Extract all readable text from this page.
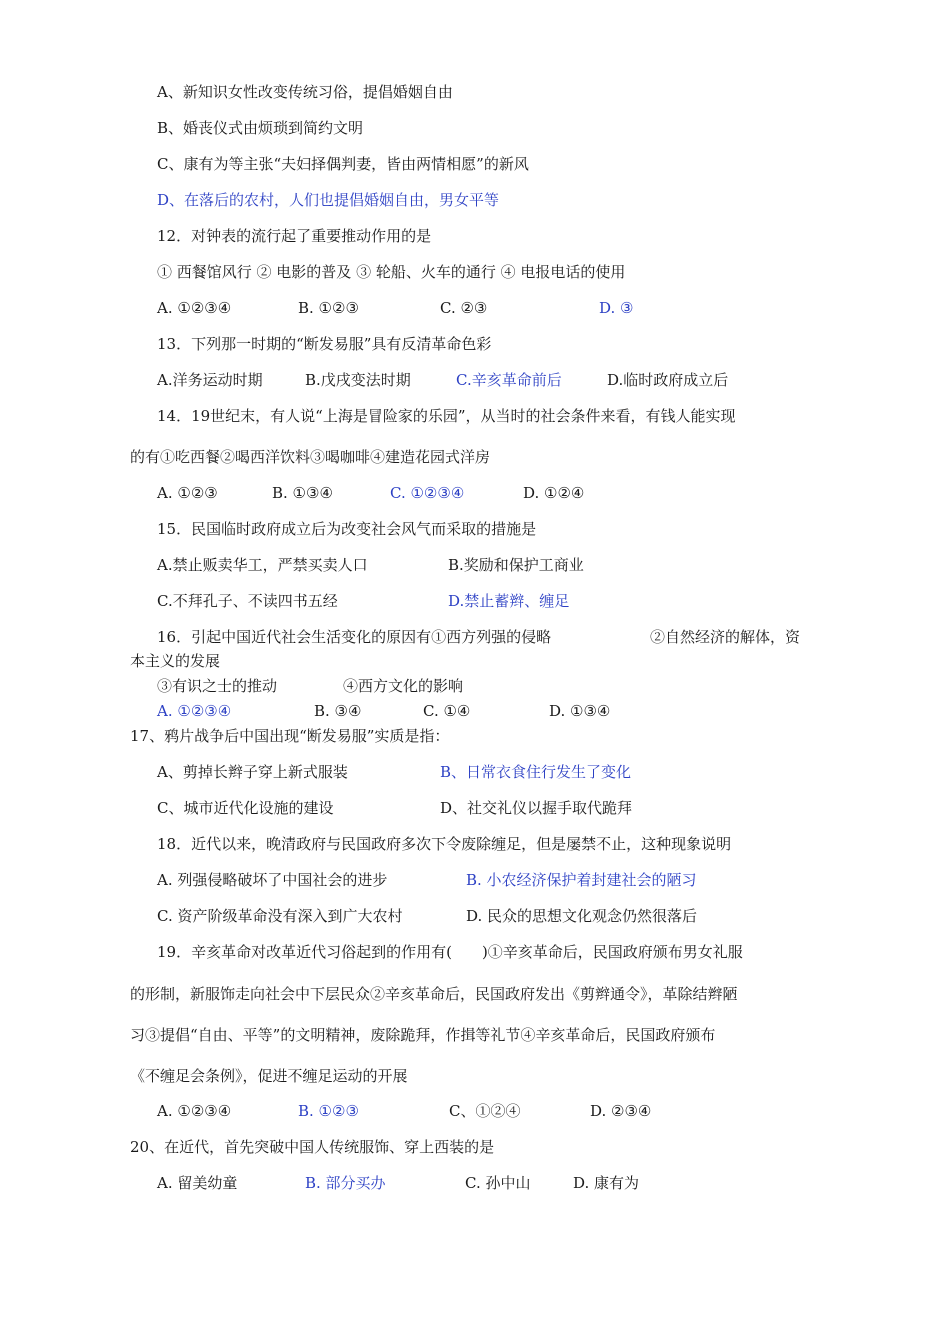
A、新知识女性改变传统习俗，提倡婚姻自由
B、婚丧仪式由烦琐到简约文明
C、康有为等主张“夫妇择偶判妻，皆由两情相愿”的新风
D、在落后的农村，人们也提倡婚姻自由，男女平等
12．对钟表的流行起了重要推动作用的是
① 西餐馆风行 ② 电影的普及 ③ 轮船、火车的通行 ④ 电报电话的使用
A. ①②③④	B. ①②③	C. ②③	D. ③
13．下列那一时期的“断发易服”具有反清革命色彩
A.洋务运动时期	B.戊戌变法时期	C.辛亥革命前后	D.临时政府成立后
14．19世纪末，有人说“上海是冒险家的乐园”，从当时的社会条件来看，有钱人能实现
的有①吃西餐②喝西洋饮料③喝咖啡④建造花园式洋房
A. ①②③	B. ①③④	C. ①②③④	D. ①②④
15．民国临时政府成立后为改变社会风气而采取的措施是
A.禁止贩卖华工，严禁买卖人口	B.奖励和保护工商业
C.不拜孔子、不读四书五经	D.禁止蓄辫、缠足
16．引起中国近代社会生活变化的原因有①西方列强的侵略	②自然经济的解体，资
本主义的发展
③有识之士的推动	④西方文化的影响
A. ①②③④	B. ③④	C. ①④	D. ①③④
17、鸦片战争后中国出现“断发易服”实质是指：
A、剪掉长辫子穿上新式服装	B、日常衣食住行发生了变化
C、城市近代化设施的建设	D、社交礼仪以握手取代跪拜
18．近代以来，晚清政府与民国政府多次下令废除缠足，但是屡禁不止，这种现象说明
A. 列强侵略破坏了中国社会的进步	B. 小农经济保护着封建社会的陋习
C. 资产阶级革命没有深入到广大农村	D. 民众的思想文化观念仍然很落后
19．辛亥革命对改革近代习俗起到的作用有(　　)①辛亥革命后，民国政府颁布男女礼服
的形制，新服饰走向社会中下层民众②辛亥革命后，民国政府发出《剪辫通令》，革除结辫陋
习③提倡“自由、平等”的文明精神，废除跪拜，作揖等礼节④辛亥革命后，民国政府颁布
《不缠足会条例》，促进不缠足运动的开展
A. ①②③④	B. ①②③	C、①②④	D. ②③④
20、在近代，首先突破中国人传统服饰、穿上西装的是
A. 留美幼童	B. 部分买办	C. 孙中山	D. 康有为
